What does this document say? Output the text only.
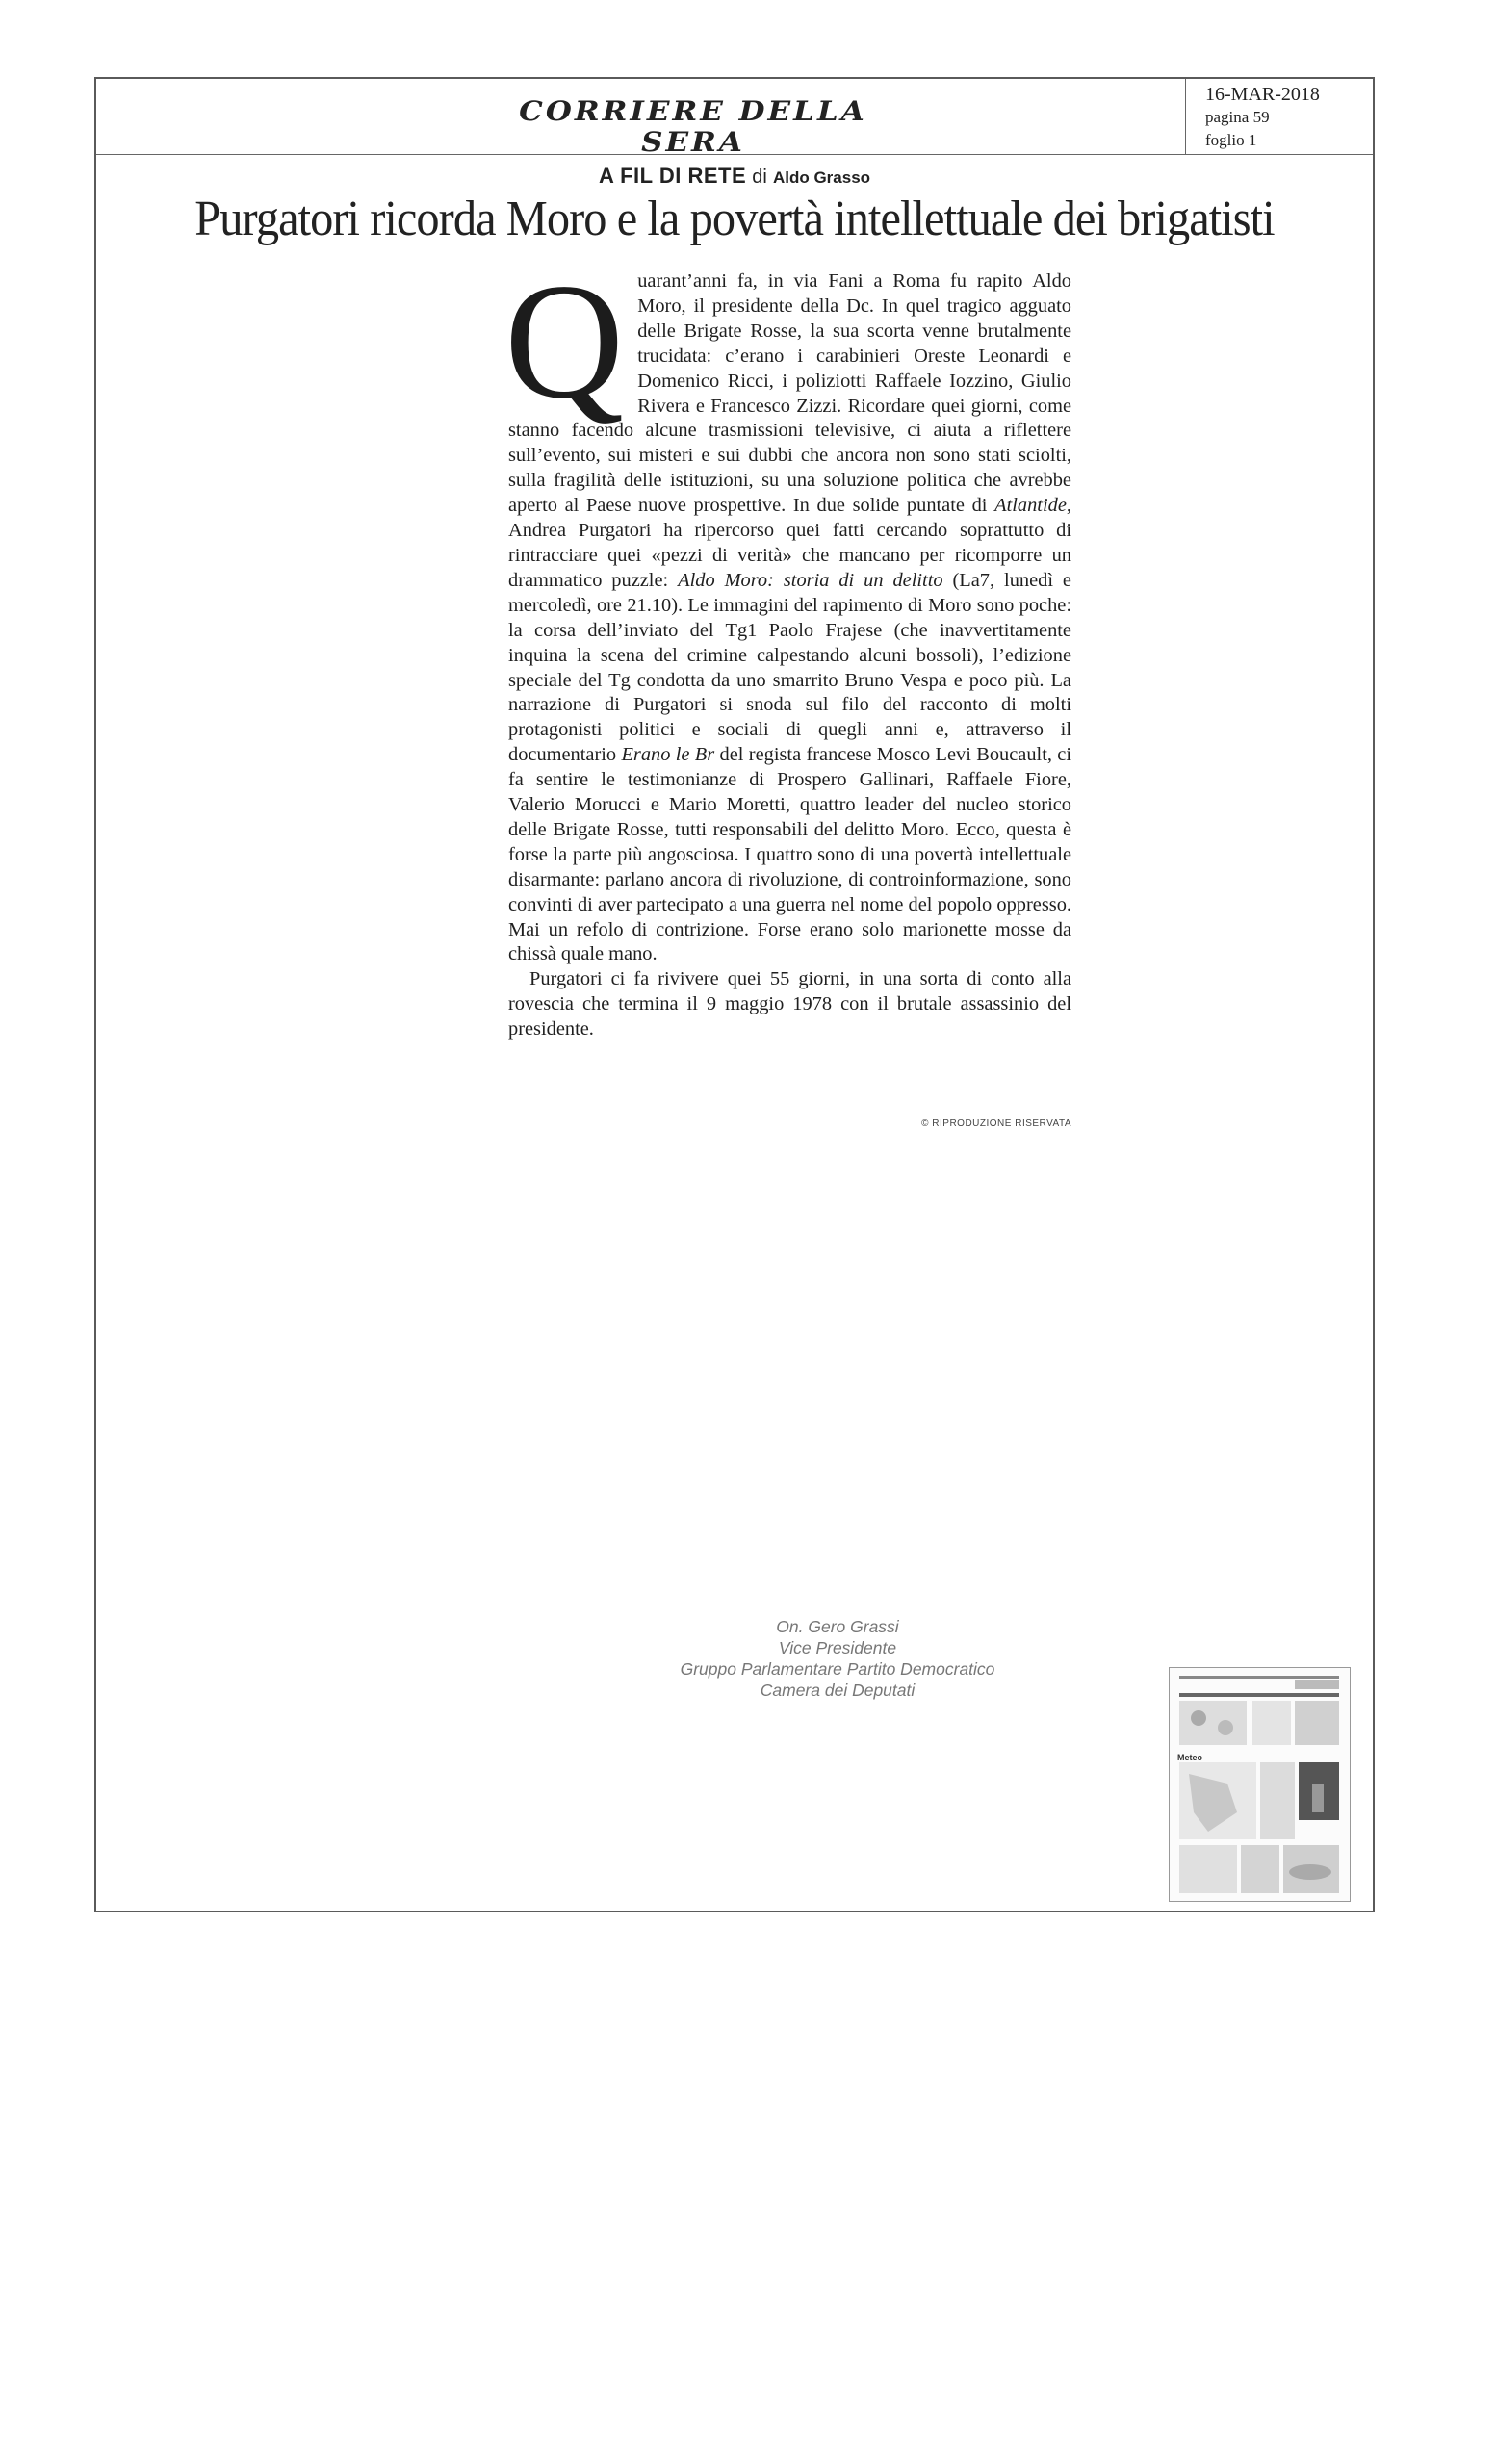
CORRIERE DELLA SERA
16-MAR-2018
pagina 59
foglio 1
A FIL DI RETE di Aldo Grasso
Purgatori ricorda Moro e la povertà intellettuale dei brigatisti

Quarant’anni fa, in via Fani a Roma fu rapito Aldo Moro, il presidente della Dc. In quel tragico agguato delle Brigate Rosse, la sua scorta venne brutalmente trucidata: c’erano i carabinieri Oreste Leonardi e Domenico Ricci, i poliziotti Raffaele Iozzino, Giulio Rivera e Francesco Zizzi. Ricordare quei giorni, come stanno facendo alcune trasmissioni televisive, ci aiuta a riflettere sull’evento, sui misteri e sui dubbi che ancora non sono stati sciolti, sulla fragilità delle istituzioni, su una soluzione politica che avrebbe aperto al Paese nuove prospettive. In due solide puntate di Atlantide, Andrea Purgatori ha ripercorso quei fatti cercando soprattutto di rintracciare quei «pezzi di verità» che mancano per ricomporre un drammatico puzzle: Aldo Moro: storia di un delitto (La7, lunedì e mercoledì, ore 21.10). Le immagini del rapimento di Moro sono poche: la corsa dell’inviato del Tg1 Paolo Frajese (che inavvertitamente inquina la scena del crimine calpestando alcuni bossoli), l’edizione speciale del Tg condotta da uno smarrito Bruno Vespa e poco più. La narrazione di Purgatori si snoda sul filo del racconto di molti protagonisti politici e sociali di quegli anni e, attraverso il documentario Erano le Br del regista francese Mosco Levi Boucault, ci fa sentire le testimonianze di Prospero Gallinari, Raffaele Fiore, Valerio Morucci e Mario Moretti, quattro leader del nucleo storico delle Brigate Rosse, tutti responsabili del delitto Moro. Ecco, questa è forse la parte più angosciosa. I quattro sono di una povertà intellettuale disarmante: parlano ancora di rivoluzione, di controinformazione, sono convinti di aver partecipato a una guerra nel nome del popolo oppresso. Mai un refolo di contrizione. Forse erano solo marionette mosse da chissà quale mano.

Purgatori ci fa rivivere quei 55 giorni, in una sorta di conto alla rovescia che termina il 9 maggio 1978 con il brutale assassinio del presidente.

© RIPRODUZIONE RISERVATA
On. Gero Grassi
Vice Presidente
Gruppo Parlamentare Partito Democratico
Camera dei Deputati
Meteo
